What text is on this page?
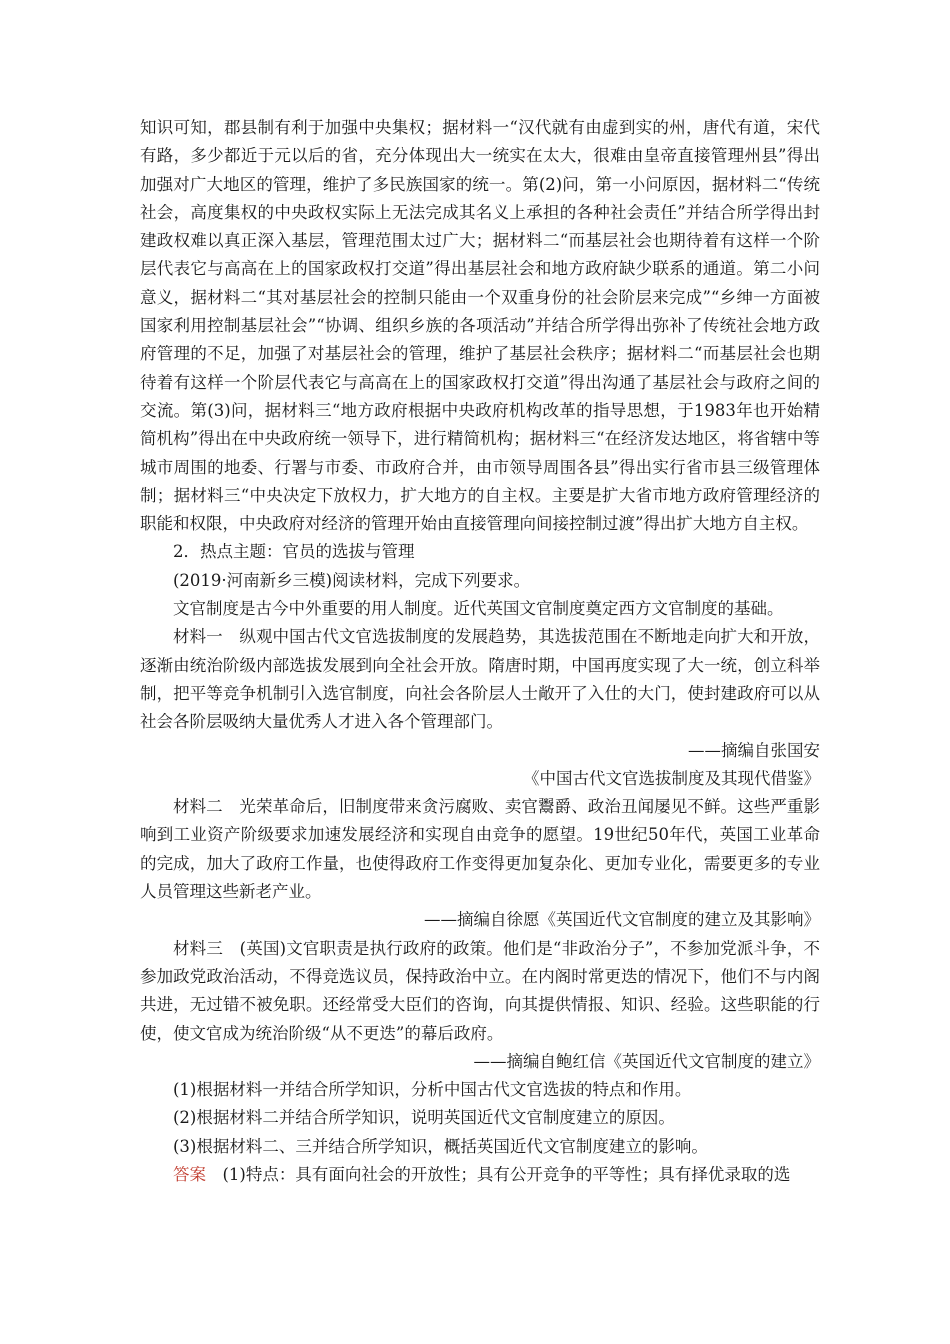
知识可知，郡县制有利于加强中央集权；据材料一“汉代就有由虚到实的州，唐代有道，宋代有路，多少都近于元以后的省，充分体现出大一统实在太大，很难由皇帝直接管理州县”得出加强对广大地区的管理，维护了多民族国家的统一。第(2)问，第一小问原因，据材料二“传统社会，高度集权的中央政权实际上无法完成其名义上承担的各种社会责任”并结合所学得出封建政权难以真正深入基层，管理范围太过广大；据材料二“而基层社会也期待着有这样一个阶层代表它与高高在上的国家政权打交道”得出基层社会和地方政府缺少联系的通道。第二小问意义，据材料二“其对基层社会的控制只能由一个双重身份的社会阶层来完成”“乡绅一方面被国家利用控制基层社会”“协调、组织乡族的各项活动”并结合所学得出弥补了传统社会地方政府管理的不足，加强了对基层社会的管理，维护了基层社会秩序；据材料二“而基层社会也期待着有这样一个阶层代表它与高高在上的国家政权打交道”得出沟通了基层社会与政府之间的交流。第(3)问，据材料三“地方政府根据中央政府机构改革的指导思想，于1983年也开始精简机构”得出在中央政府统一领导下，进行精简机构；据材料三“在经济发达地区，将省辖中等城市周围的地委、行署与市委、市政府合并，由市领导周围各县”得出实行省市县三级管理体制；据材料三“中央决定下放权力，扩大地方的自主权。主要是扩大省市地方政府管理经济的职能和权限，中央政府对经济的管理开始由直接管理向间接控制过渡”得出扩大地方自主权。

2．热点主题：官员的选拔与管理

(2019·河南新乡三模)阅读材料，完成下列要求。

文官制度是古今中外重要的用人制度。近代英国文官制度奠定西方文官制度的基础。

材料一　纵观中国古代文官选拔制度的发展趋势，其选拔范围在不断地走向扩大和开放，逐渐由统治阶级内部选拔发展到向全社会开放。隋唐时期，中国再度实现了大一统，创立科举制，把平等竞争机制引入选官制度，向社会各阶层人士敞开了入仕的大门，使封建政府可以从社会各阶层吸纳大量优秀人才进入各个管理部门。

——摘编自张国安

《中国古代文官选拔制度及其现代借鉴》

材料二　光荣革命后，旧制度带来贪污腐败、卖官鬻爵、政治丑闻屡见不鲜。这些严重影响到工业资产阶级要求加速发展经济和实现自由竞争的愿望。19世纪50年代，英国工业革命的完成，加大了政府工作量，也使得政府工作变得更加复杂化、更加专业化，需要更多的专业人员管理这些新老产业。

——摘编自徐愿《英国近代文官制度的建立及其影响》

材料三　(英国)文官职责是执行政府的政策。他们是“非政治分子”，不参加党派斗争，不参加政党政治活动，不得竞选议员，保持政治中立。在内阁时常更迭的情况下，他们不与内阁共进，无过错不被免职。还经常受大臣们的咨询，向其提供情报、知识、经验。这些职能的行使，使文官成为统治阶级“从不更迭”的幕后政府。

——摘编自鲍红信《英国近代文官制度的建立》

(1)根据材料一并结合所学知识，分析中国古代文官选拔的特点和作用。

(2)根据材料二并结合所学知识，说明英国近代文官制度建立的原因。

(3)根据材料二、三并结合所学知识，概括英国近代文官制度建立的影响。

答案　(1)特点：具有面向社会的开放性；具有公开竞争的平等性；具有择优录取的选
